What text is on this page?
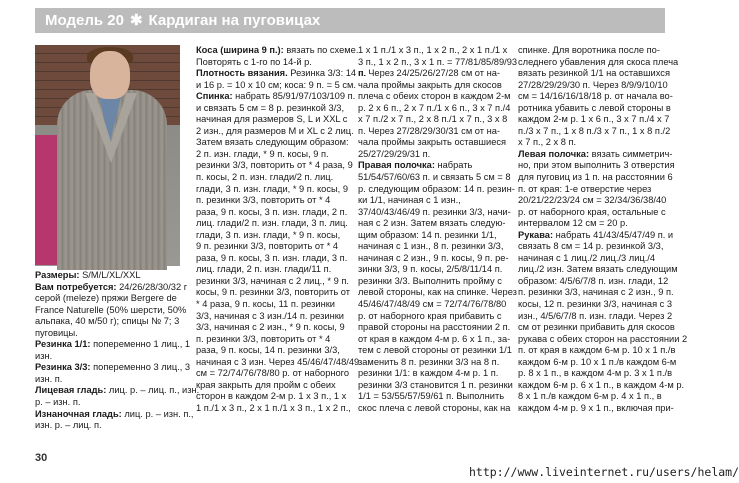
Модель 20 ✱ Кардиган на пуговицах
Размеры: S/M/L/XL/XXL
Вам потребуется: 24/26/28/30/32 г
серой (meleze) пряжи Bergere de
France Naturelle (50% шерсти, 50%
альпака, 40 м/50 г); спицы № 7; 3
пуговицы.
Резинка 1/1: попеременно 1 лиц., 1
изн.
Резинка 3/3: попеременно 3 лиц., 3
изн. п.
Лицевая гладь: лиц. р. – лиц. п., изн.
р. – изн. п.
Изнаночная гладь: лиц. р. – изн. п.,
изн. р. – лиц. п.
Коса (ширина 9 п.): вязать по схеме.
Повторять с 1-го по 14-й р.
Плотность вязания. Резинка 3/3: 14 п.
и 16 р. = 10 х 10 см; коса: 9 п. = 5 см.
Спинка: набрать 85/91/97/103/109 п.
и связать 5 см = 8 р. резинкой 3/3,
начиная для размеров S, L и XXL с
2 изн., для размеров M и XL с 2 лиц.
Затем вязать следующим образом:
2 п. изн. глади, * 9 п. косы, 9 п.
резинки 3/3, повторить от * 4 раза, 9
п. косы, 2 п. изн. глади/2 п. лиц.
глади, 3 п. изн. глади, * 9 п. косы, 9
п. резинки 3/3, повторить от * 4
раза, 9 п. косы, 3 п. изн. глади, 2 п.
лиц. глади/2 п. изн. глади, 3 п. лиц.
глади, 3 п. изн. глади, * 9 п. косы,
9 п. резинки 3/3, повторить от * 4
раза, 9 п. косы, 3 п. изн. глади, 3 п.
лиц. глади, 2 п. изн. глади/11 п.
резинки 3/3, начиная с 2 лиц., * 9 п.
косы, 9 п. резинки 3/3, повторить от
* 4 раза, 9 п. косы, 11 п. резинки
3/3, начиная с 3 изн./14 п. резинки
3/3, начиная с 2 изн., * 9 п. косы, 9
п. резинки 3/3, повторить от * 4
раза, 9 п. косы, 14 п. резинки 3/3,
начиная с 3 изн. Через 45/46/47/48/49
см = 72/74/76/78/80 р. от наборного
края закрыть для пройм с обеих
сторон в каждом 2-м р. 1 х 3 п., 1 х
1 п./1 х 3 п., 2 х 1 п./1 х 3 п., 1 х 2 п.,
1 х 1 п./1 х 3 п., 1 х 2 п., 2 х 1 п./1 х
3 п., 1 х 2 п., 3 х 1 п. = 77/81/85/89/93
п. Через 24/25/26/27/28 см от на-
чала проймы закрыть для скосов
плеча с обеих сторон в каждом 2-м
р. 2 х 6 п., 2 х 7 п./1 х 6 п., 3 х 7 п./4
х 7 п./2 х 7 п., 2 х 8 п./1 х 7 п., 3 х 8
п. Через 27/28/29/30/31 см от на-
чала проймы закрыть оставшиеся
25/27/29/29/31 п.
Правая полочка: набрать
51/54/57/60/63 п. и связать 5 см = 8
р. следующим образом: 14 п. резин-
ки 1/1, начиная с 1 изн.,
37/40/43/46/49 п. резинки 3/3, начи-
ная с 2 изн. Затем вязать следую-
щим образом: 14 п. резинки 1/1,
начиная с 1 изн., 8 п. резинки 3/3,
начиная с 2 изн., 9 п. косы, 9 п. ре-
зинки 3/3, 9 п. косы, 2/5/8/11/14 п.
резинки 3/3. Выполнить пройму с
левой стороны, как на спинке. Через
45/46/47/48/49 см = 72/74/76/78/80
р. от наборного края прибавить с
правой стороны на расстоянии 2 п.
от края в каждом 4-м р. 6 х 1 п., за-
тем с левой стороны от резинки 1/1
заменить 8 п. резинки 3/3 на 8 п.
резинки 1/1: в каждом 4-м р. 1 п.
резинки 3/3 становится 1 п. резинки
1/1 = 53/55/57/59/61 п. Выполнить
скос плеча с левой стороны, как на
спинке. Для воротника после по-
следнего убавления для скоса плеча
вязать резинкой 1/1 на оставшихся
27/28/29/29/30 п. Через 8/9/9/10/10
см = 14/16/16/18/18 р. от начала во-
ротника убавить с левой стороны в
каждом 2-м р. 1 х 6 п., 3 х 7 п./4 х 7
п./3 х 7 п., 1 х 8 п./3 х 7 п., 1 х 8 п./2
х 7 п., 2 х 8 п.
Левая полочка: вязать симметрич-
но, при этом выполнить 3 отверстия
для пуговиц из 1 п. на расстоянии 6
п. от края: 1-е отверстие через
20/21/22/23/24 см = 32/34/36/38/40
р. от наборного края, остальные с
интервалом 12 см = 20 р.
Рукава: набрать 41/43/45/47/49 п. и
связать 8 см = 14 р. резинкой 3/3,
начиная с 1 лиц./2 лиц./3 лиц./4
лиц./2 изн. Затем вязать следующим
образом: 4/5/6/7/8 п. изн. глади, 12
п. резинки 3/3, начиная с 2 изн., 9 п.
косы, 12 п. резинки 3/3, начиная с 3
изн., 4/5/6/7/8 п. изн. глади. Через 2
см от резинки прибавить для скосов
рукава с обеих сторон на расстоянии 2
п. от края в каждом 6-м р. 10 х 1 п./в
каждом 6-м р. 10 х 1 п./в каждом 6-м
р. 8 х 1 п., в каждом 4-м р. 3 х 1 п./в
каждом 6-м р. 6 х 1 п., в каждом 4-м р.
8 х 1 п./в каждом 6-м р. 4 х 1 п., в
каждом 4-м р. 9 х 1 п., включая при-
30
http://www.liveinternet.ru/users/helam/
